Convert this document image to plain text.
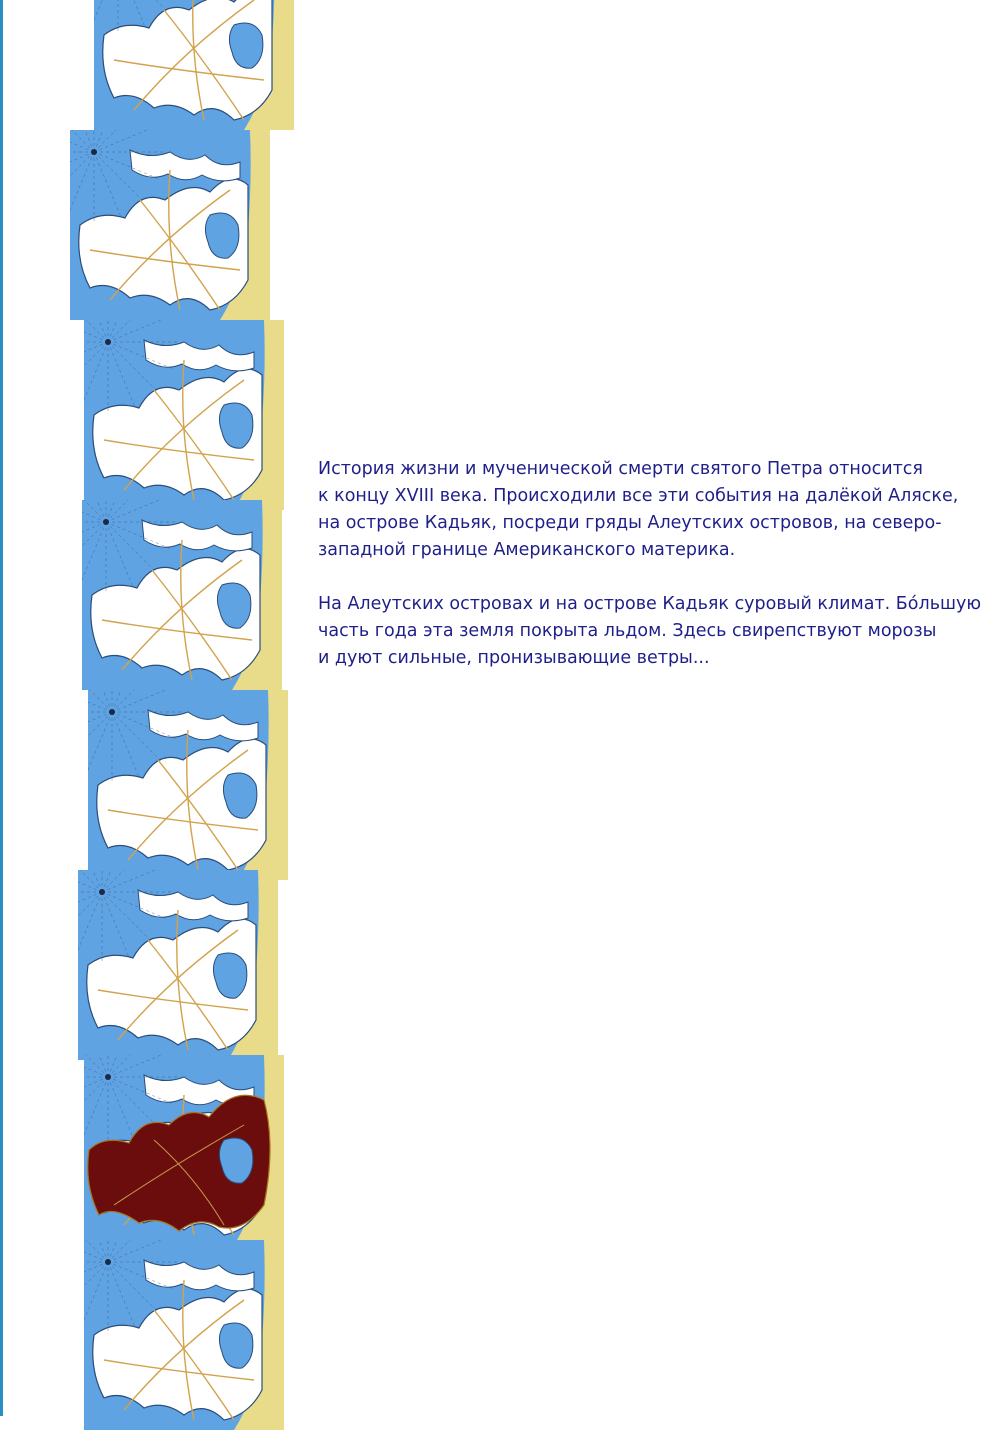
История жизни и мученической смерти святого Петра относится
к концу XVIII века. Происходили все эти события на далёкой Аляске,
на острове Кадьяк, посреди гряды Алеутских островов, на северо-
западной границе Американского материка.

На Алеутских островах и на острове Кадьяк суровый климат. Бо́льшую
часть года эта земля покрыта льдом. Здесь свирепствуют морозы
и дуют сильные, пронизывающие ветры...
